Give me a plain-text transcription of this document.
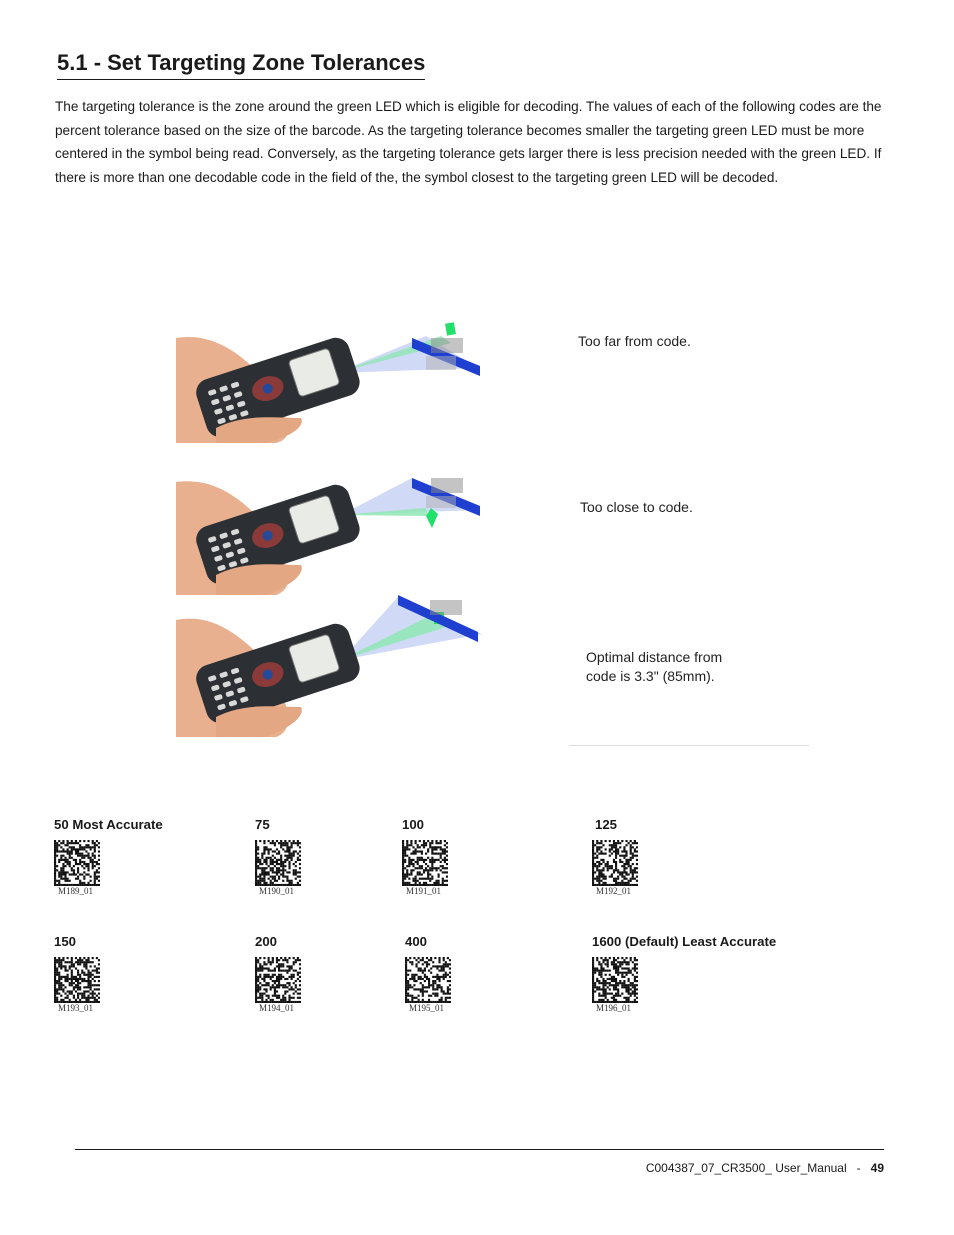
5.1 - Set Targeting Zone Tolerances

The targeting tolerance is the zone around the green LED which is eligible for decoding. The values of each of the following codes are the percent tolerance based on the size of the barcode. As the targeting tolerance becomes smaller the targeting green LED must be more centered in the symbol being read. Conversely, as the targeting tolerance gets larger there is less precision needed with the green LED. If there is more than one decodable code in the field of the, the symbol closest to the targeting green LED will be decoded.

Too far from code.

Too close to code.

Optimal distance from

code is 3.3" (85mm).

50 Most Accurate

M189_01

75

M190_01

100

M191_01

125

M192_01

150

M193_01

200

M194_01

400

M195_01

1600 (Default) Least Accurate

M196_01

C004387_07_CR3500_ User_Manual - 49
